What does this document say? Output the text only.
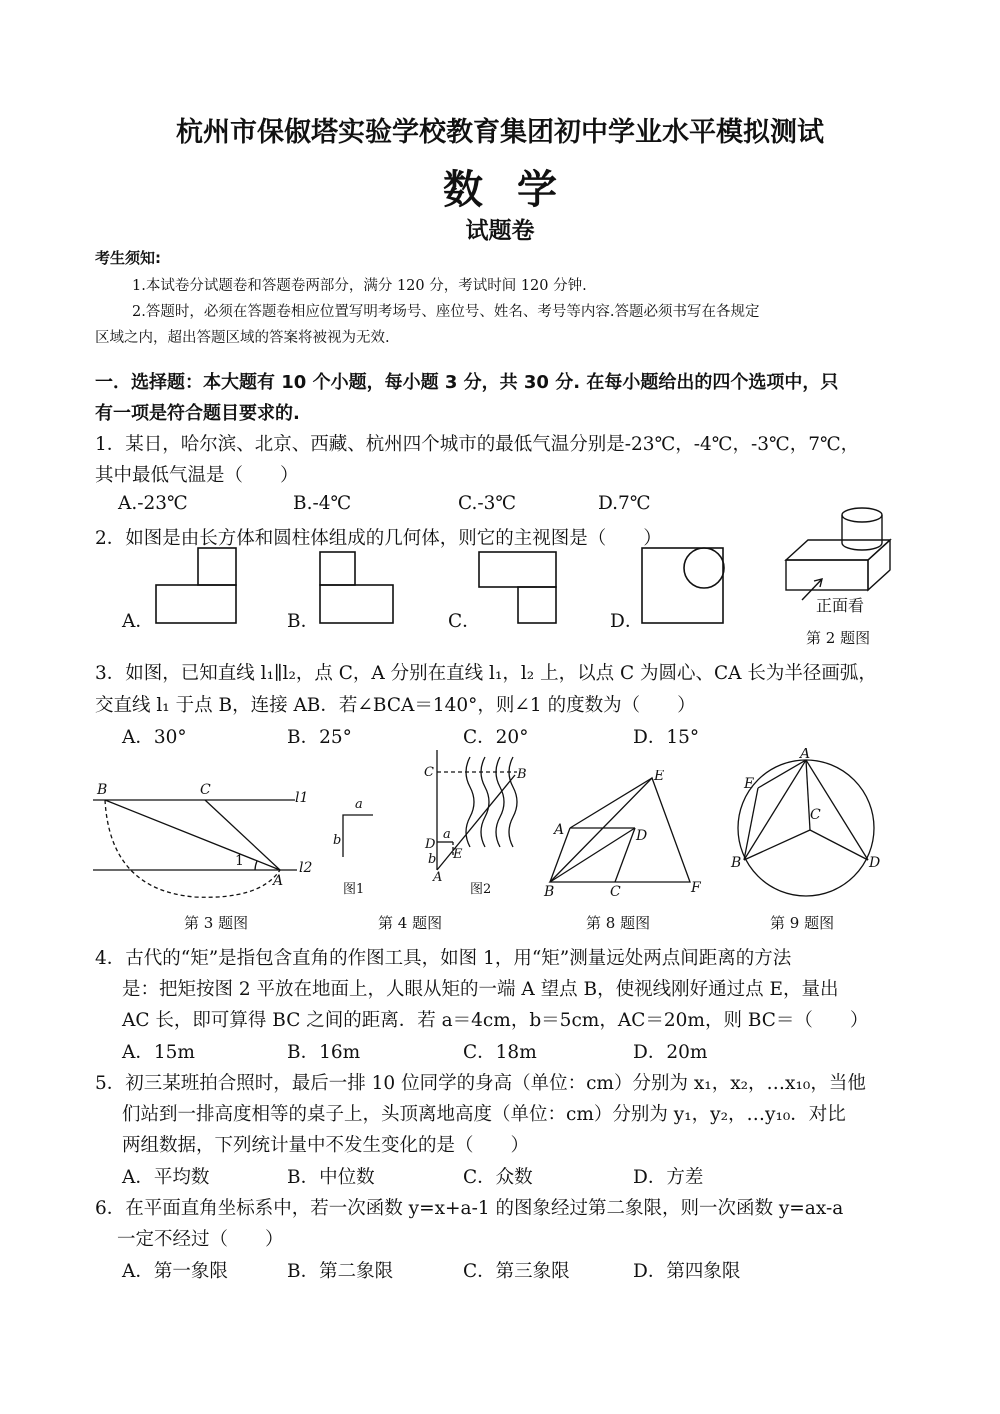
杭州市保俶塔实验学校教育集团初中学业水平模拟测试
数学
试题卷
考生须知:
1.本试卷分试题卷和答题卷两部分，满分 120 分，考试时间 120 分钟.
2.答题时，必须在答题卷相应位置写明考场号、座位号、姓名、考号等内容.答题必须书写在各规定
区域之内，超出答题区域的答案将被视为无效.
一．选择题：本大题有 10 个小题，每小题 3 分，共 30 分. 在每小题给出的四个选项中，只
有一项是符合题目要求的.
1．某日，哈尔滨、北京、西藏、杭州四个城市的最低气温分别是-23℃，-4℃，-3℃，7℃，
其中最低气温是（　　）
A.-23℃	B.-4℃	C.-3℃	D.7℃
2．如图是由长方体和圆柱体组成的几何体，则它的主视图是（　　）
A．	B．	C．	D．
正面看
第 2 题图
3．如图，已知直线 l₁∥l₂，点 C，A 分别在直线 l₁，l₂ 上，以点 C 为圆心、CA 长为半径画弧，
交直线 l₁ 于点 B，连接 AB．若∠BCA＝140°，则∠1 的度数为（　　）
A．30°	B．25°	C．20°	D．15°
B	C	l1
1
A
l2
第 3 题图
a
b
图1
C	B
D
a
b E
A
图2
第 4 题图
E
A	D
B	C	F
第 8 题图
A
E
C
B	D
第 9 题图
4．古代的“矩”是指包含直角的作图工具，如图 1，用“矩”测量远处两点间距离的方法
是：把矩按图 2 平放在地面上，人眼从矩的一端 A 望点 B，使视线刚好通过点 E，量出
AC 长，即可算得 BC 之间的距离．若 a＝4cm，b＝5cm，AC＝20m，则 BC＝（　　）
A．15m	B．16m	C．18m	D．20m
5．初三某班拍合照时，最后一排 10 位同学的身高（单位：cm）分别为 x₁，x₂，…x₁₀，当他
们站到一排高度相等的桌子上，头顶离地高度（单位：cm）分别为 y₁，y₂，…y₁₀．对比
两组数据，下列统计量中不发生变化的是（　　）
A．平均数	B．中位数	C．众数	D．方差
6．在平面直角坐标系中，若一次函数 y=x+a-1 的图象经过第二象限，则一次函数 y=ax-a
一定不经过（　　）
A．第一象限	B．第二象限	C．第三象限	D．第四象限
